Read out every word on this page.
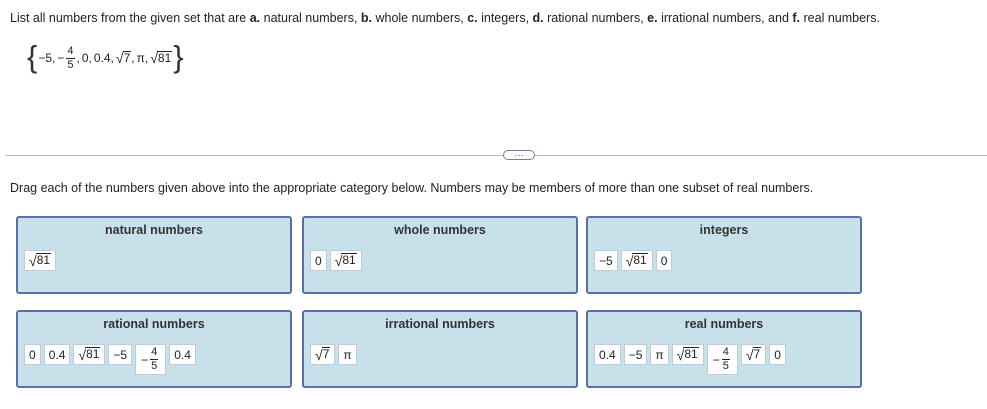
List all numbers from the given set that are a. natural numbers, b. whole numbers, c. integers, d. rational numbers, e. irrational numbers, and f. real numbers.
{ −5, − $\frac{4}{5}$ , 0, 0.4, √ 7 , π, √ 81 }
···
Drag each of the numbers given above into the appropriate category below. Numbers may be members of more than one subset of real numbers.
natural numbers
√ 81
whole numbers
0 √ 81
integers
−5 √ 81 0
rational numbers
0 0.4 √ $81 -5 - \frac{4}{5} 0.4$
irrational numbers
√ 7 π
real numbers
0.4 −5 π √ $81 - \frac{4}{5}$ √ 7 0
